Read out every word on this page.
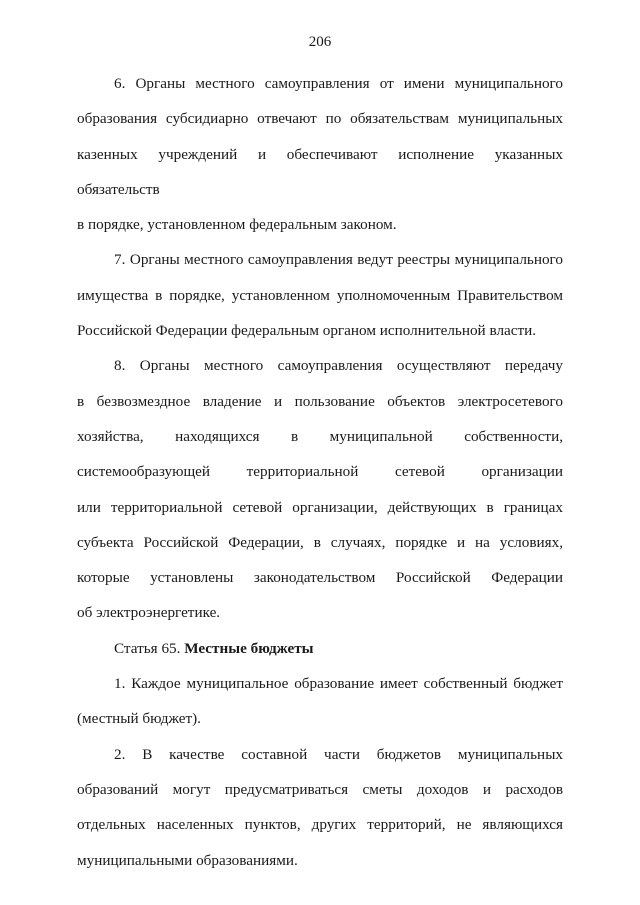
206
6. Органы местного самоуправления от имени муниципального
образования субсидиарно отвечают по обязательствам муниципальных
казенных учреждений и обеспечивают исполнение указанных обязательств
в порядке, установленном федеральным законом.
7. Органы местного самоуправления ведут реестры муниципального
имущества в порядке, установленном уполномоченным Правительством
Российской Федерации федеральным органом исполнительной власти.
8. Органы местного самоуправления осуществляют передачу
в безвозмездное владение и пользование объектов электросетевого
хозяйства, находящихся в муниципальной собственности,
системообразующей территориальной сетевой организации
или территориальной сетевой организации, действующих в границах
субъекта Российской Федерации, в случаях, порядке и на условиях,
которые установлены законодательством Российской Федерации
об электроэнергетике.
Статья 65. Местные бюджеты
1. Каждое муниципальное образование имеет собственный бюджет
(местный бюджет).
2. В качестве составной части бюджетов муниципальных
образований могут предусматриваться сметы доходов и расходов
отдельных населенных пунктов, других территорий, не являющихся
муниципальными образованиями.
